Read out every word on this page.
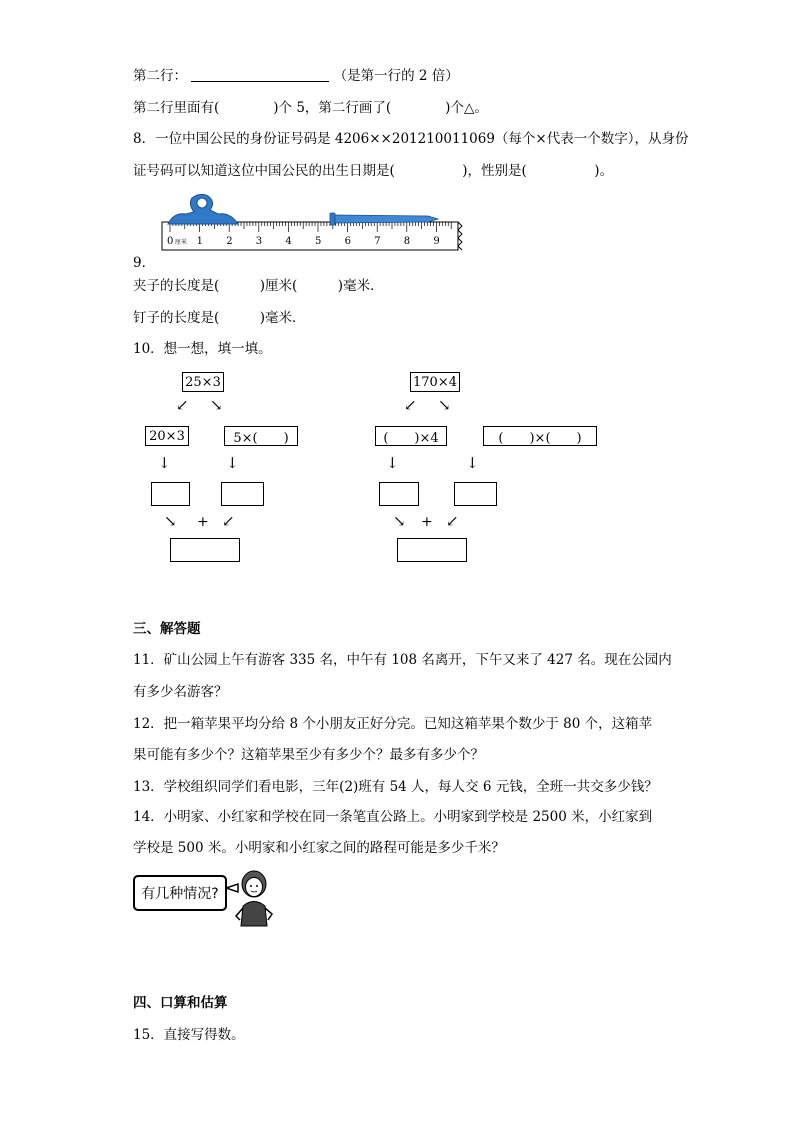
第二行：	（是第一行的 2 倍）
第二行里面有(　　　　)个 5，第二行画了(　　　　)个△。
8．一位中国公民的身份证号码是 4206××201210011069（每个×代表一个数字），从身份
证号码可以知道这位中国公民的出生日期是(　　　　　)，性别是(　　　　　)。
0 1 2 3 4 5 6 7 8 9
厘米
9．
夹子的长度是(　　　)厘米(　　　)毫米．
钉子的长度是(　　　)毫米．
10．想一想，填一填。
25×3
↙ ↘
20×3	5×(　　)
↓	↓
↘ + ↙
170×4
↙ ↘
(　　)×4	(　　)×(　　)
↓	↓
↘ + ↙
三、解答题
11．矿山公园上午有游客 335 名，中午有 108 名离开，下午又来了 427 名。现在公园内
有多少名游客？
12．把一箱苹果平均分给 8 个小朋友正好分完。已知这箱苹果个数少于 80 个，这箱苹
果可能有多少个？这箱苹果至少有多少个？最多有多少个？
13．学校组织同学们看电影，三年(2)班有 54 人，每人交 6 元钱，全班一共交多少钱？
14．小明家、小红家和学校在同一条笔直公路上。小明家到学校是 2500 米，小红家到
学校是 500 米。小明家和小红家之间的路程可能是多少千米？
有几种情况?
四、口算和估算
15．直接写得数。
